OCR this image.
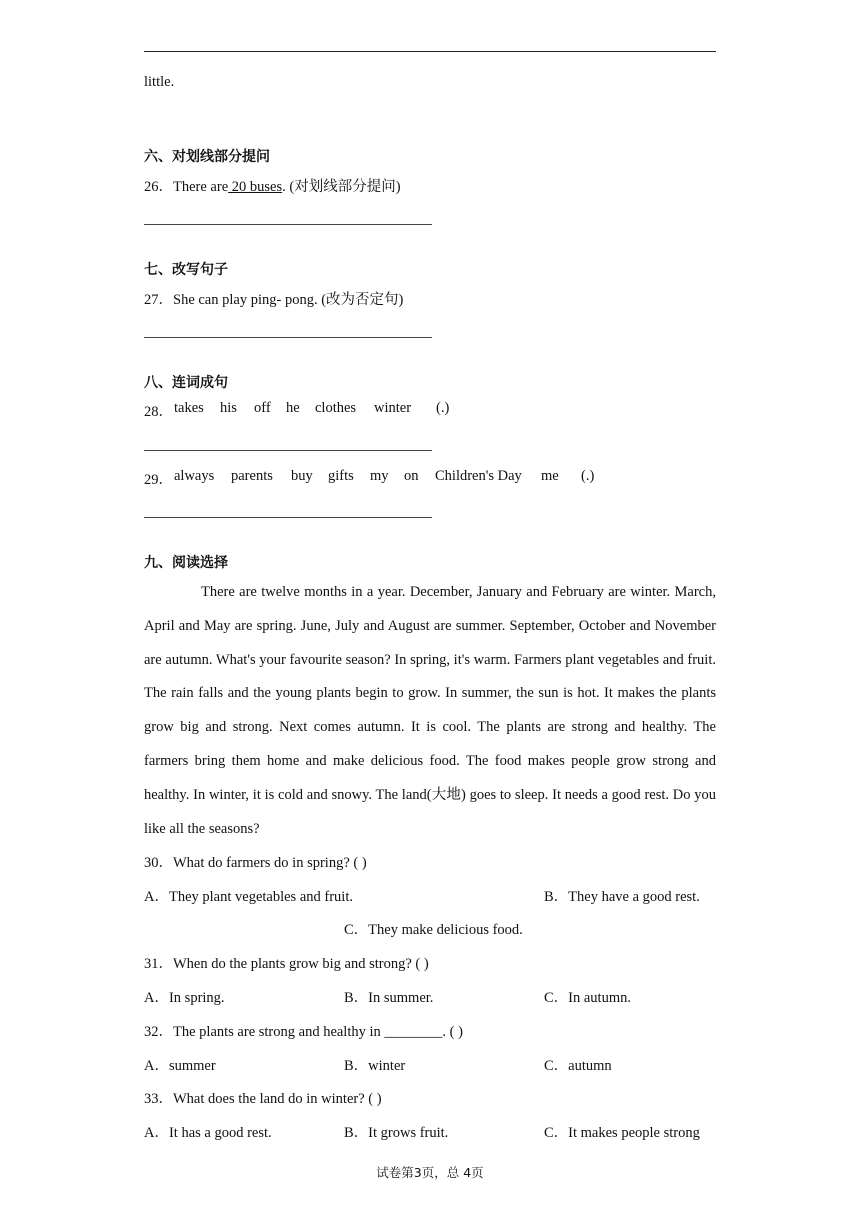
little.
六、对划线部分提问
26．There are 20 buses. (对划线部分提问)
七、改写句子
27．She can play ping- pong. (改为否定句)
八、连词成句
28． takes his off he clothes winter (.)
29． always parents buy gifts my on Children's Day me (.)
九、阅读选择

There are twelve months in a year. December, January and February are winter. March, April and May are spring. June, July and August are summer. September, October and November are autumn. What's your favourite season? In spring, it's warm. Farmers plant vegetables and fruit. The rain falls and the young plants begin to grow. In summer, the sun is hot. It makes the plants grow big and strong. Next comes autumn. It is cool. The plants are strong and healthy. The farmers bring them home and make delicious food. The food makes people grow strong and healthy. In winter, it is cold and snowy. The land(大地) goes to sleep. It needs a good rest. Do you like all the seasons?

30．What do farmers do in spring? ( )
A．They plant vegetables and fruit.	B．They have a good rest.
C．They make delicious food.
31．When do the plants grow big and strong? ( )
A．In spring.	B．In summer.	C．In autumn.
32．The plants are strong and healthy in ________. ( )
A．summer	B．winter	C．autumn
33．What does the land do in winter? ( )
A．It has a good rest.	B．It grows fruit.	C．It makes people strong
试卷第3页，总 4页
